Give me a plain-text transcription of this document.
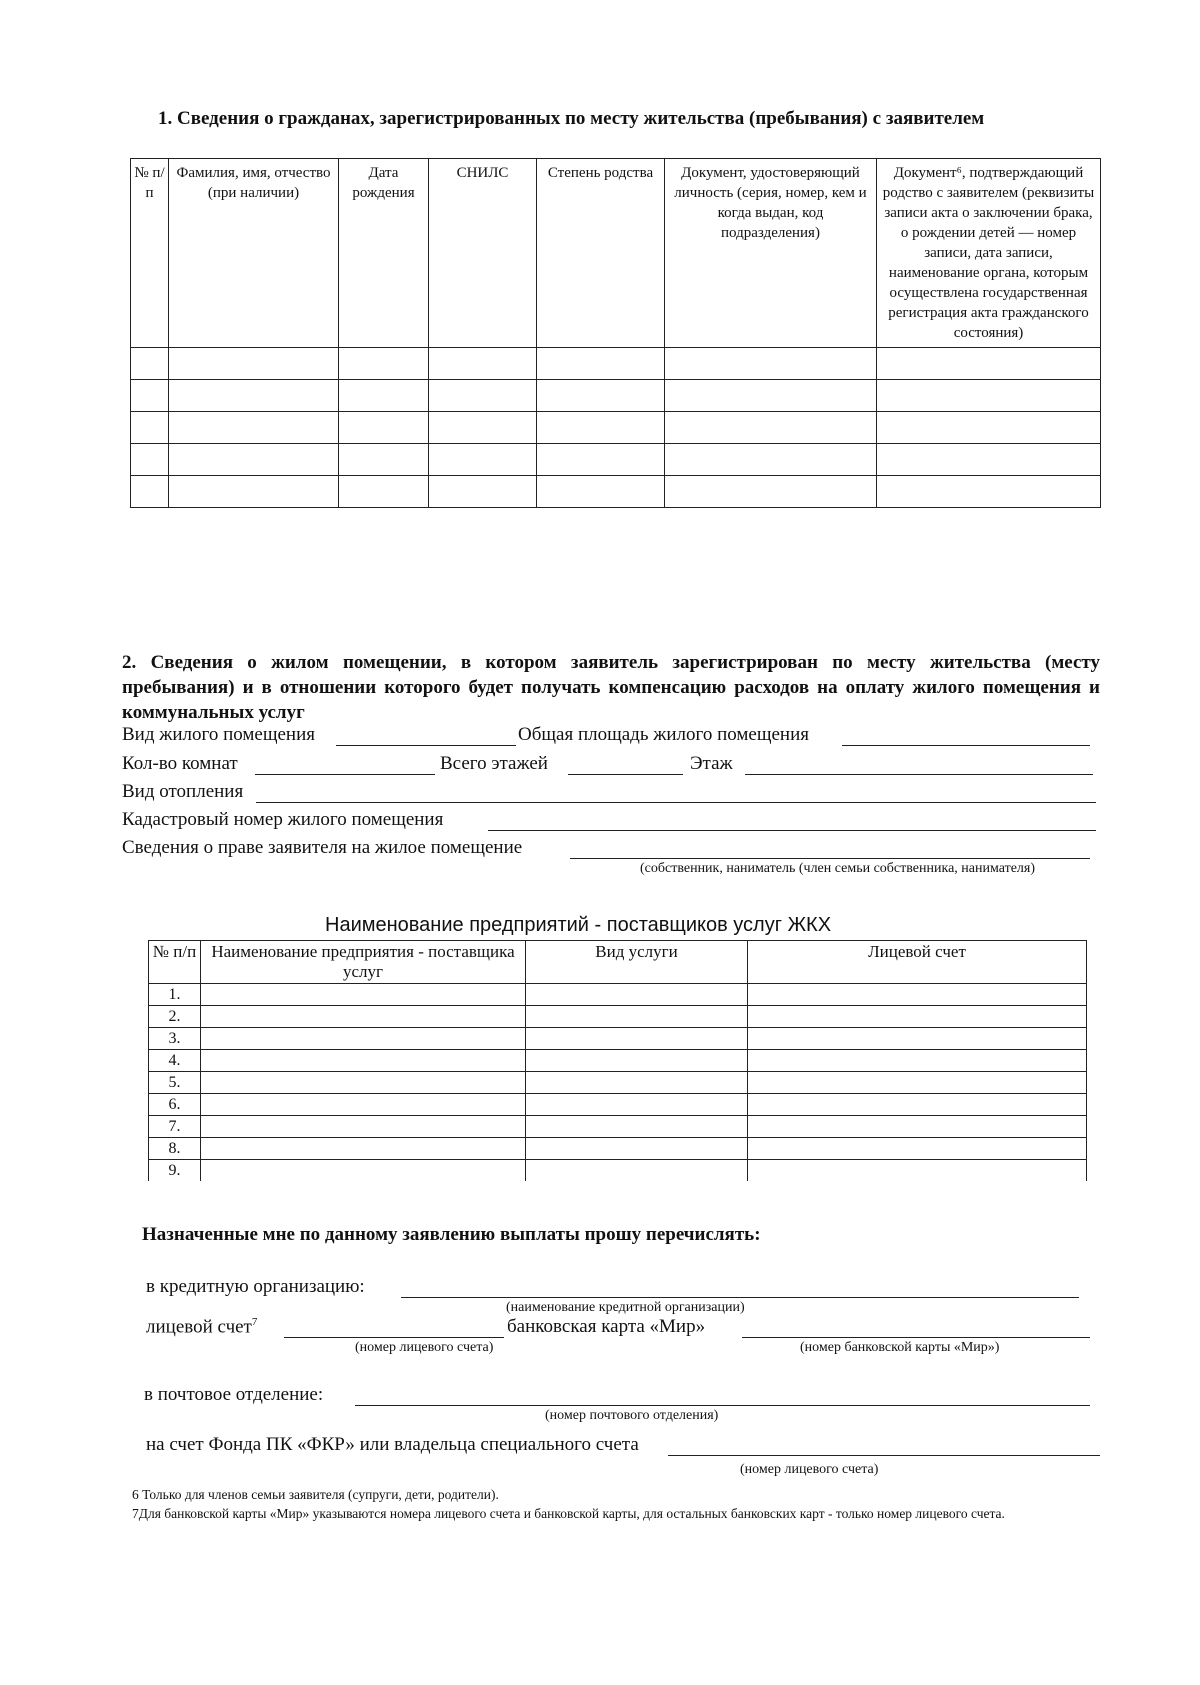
1. Сведения о гражданах, зарегистрированных по месту жительства (пребывания) с заявителем
№ п/п	Фамилия, имя, отчество (при наличии)	Дата рождения	СНИЛС	Степень родства	Документ, удостоверяющий личность (серия, номер, кем и когда выдан, код подразделения)	Документ⁶, подтверждающий родство с заявителем (реквизиты записи акта о заключении брака, о рождении детей — номер записи, дата записи, наименование органа, которым осуществлена государственная регистрация акта гражданского состояния)

2. Сведения о жилом помещении, в котором заявитель зарегистрирован по месту жительства (месту пребывания) и в отношении которого будет получать компенсацию расходов на оплату жилого помещения и коммунальных услуг

Вид жилого помещения	Общая площадь жилого помещения
Кол-во комнат	Всего этажей	Этаж
Вид отопления
Кадастровый номер жилого помещения
Сведения о праве заявителя на жилое помещение
(собственник, наниматель (член семьи собственника, нанимателя)
Наименование предприятий - поставщиков услуг ЖКХ
№ п/п	Наименование предприятия - поставщика услуг	Вид услуги	Лицевой счет
1.			
2.			
3.			
4.			
5.			
6.			
7.			
8.			
9.			
Назначенные мне по данному заявлению выплаты прошу перечислять:
в кредитную организацию:
(наименование кредитной организации)
лицевой счет$^7$	банковская карта «Мир»
(номер лицевого счета)	(номер банковской карты «Мир»)
в почтовое отделение:
(номер почтового отделения)
на счет Фонда ПК «ФКР» или владельца специального счета
(номер лицевого счета)
6 Только для членов семьи заявителя (супруги, дети, родители).
7Для банковской карты «Мир» указываются номера лицевого счета и банковской карты, для остальных банковских карт - только номер лицевого счета.
